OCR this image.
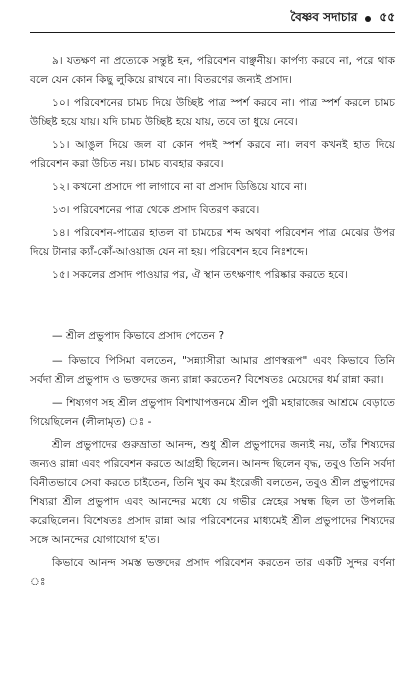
বৈষ্ণব সদাচার ৫৫

৯। যতক্ষণ না প্রত্যেকে সন্তুষ্ট হন, পরিবেশন বাঞ্ছনীয়। কার্পণ্য করবে না, পরে থাক বলে যেন কোন কিছু লুকিয়ে রাখবে না। বিতরণের জন্যই প্রসাদ।

১০। পরিবেশনের চামচ দিয়ে উচ্ছিষ্ট পাত্র স্পর্শ করবে না। পাত্র স্পর্শ করলে চামচ উচ্ছিষ্ট হয়ে যায়। যদি চামচ উচ্ছিষ্ট হয়ে যায়, তবে তা ধুয়ে নেবে।

১১। আঙুল দিয়ে জল বা কোন পদই স্পর্শ করবে না। লবণ কখনই হাত দিয়ে পরিবেশন করা উচিত নয়। চামচ ব্যবহার করবে।

১২। কখনো প্রসাদে পা লাগাবে না বা প্রসাদ ডিঙিয়ে যাবে না।

১৩। পরিবেশনের পাত্র থেকে প্রসাদ বিতরণ করবে।

১৪। পরিবেশন-পাত্রের হাতল বা চামচের শব্দ অথবা পরিবেশন পাত্র মেঝের উপর দিয়ে টানার ক্যাঁ-কোঁ-আওয়াজ যেন না হয়। পরিবেশন হবে নিঃশব্দে।

১৫। সকলের প্রসাদ পাওয়ার পর, ঐ স্থান তৎক্ষণাৎ পরিষ্কার করতে হবে।

— শ্রীল প্রভুপাদ কিভাবে প্রসাদ পেতেন ?

— কিভাবে পিসিমা বলতেন, "সন্ন্যাসীরা আমার প্রাণস্বরূপ" এবং কিভাবে তিনি সর্বদা শ্রীল প্রভুপাদ ও ভক্তদের জন্য রান্না করতেন? বিশেষতঃ মেয়েদের ধর্ম রান্না করা।

— শিষ্যগণ সহ শ্রীল প্রভুপাদ বিশাখাপত্তনমে শ্রীল পুরী মহারাজের আশ্রমে বেড়াতে গিয়েছিলেন (লীলামৃত) ঃ -

শ্রীল প্রভুপাদের গুরুভ্রাতা আনন্দ, শুধু শ্রীল প্রভুপাদের জন্যই নয়, তাঁর শিষ্যদের জন্যও রান্না এবং পরিবেশন করতে আগ্রহী ছিলেন। আনন্দ ছিলেন বৃদ্ধ, তবুও তিনি সর্বদা বিনীতভাবে সেবা করতে চাইতেন, তিনি খুব কম ইংরেজী বলতেন, তবুও শ্রীল প্রভুপাদের শিষ্যরা শ্রীল প্রভুপাদ এবং আনন্দের মধ্যে যে গভীর স্নেহের সম্বন্ধ ছিল তা উপলব্ধি করেছিলেন। বিশেষতঃ প্রসাদ রান্না আর পরিবেশনের মাধ্যমেই শ্রীল প্রভুপাদের শিষ্যদের সঙ্গে আনন্দের যোগাযোগ হ'ত।

কিভাবে আনন্দ সমস্ত ভক্তদের প্রসাদ পরিবেশন করতেন তার একটি সুন্দর বর্ণনা ঃ
